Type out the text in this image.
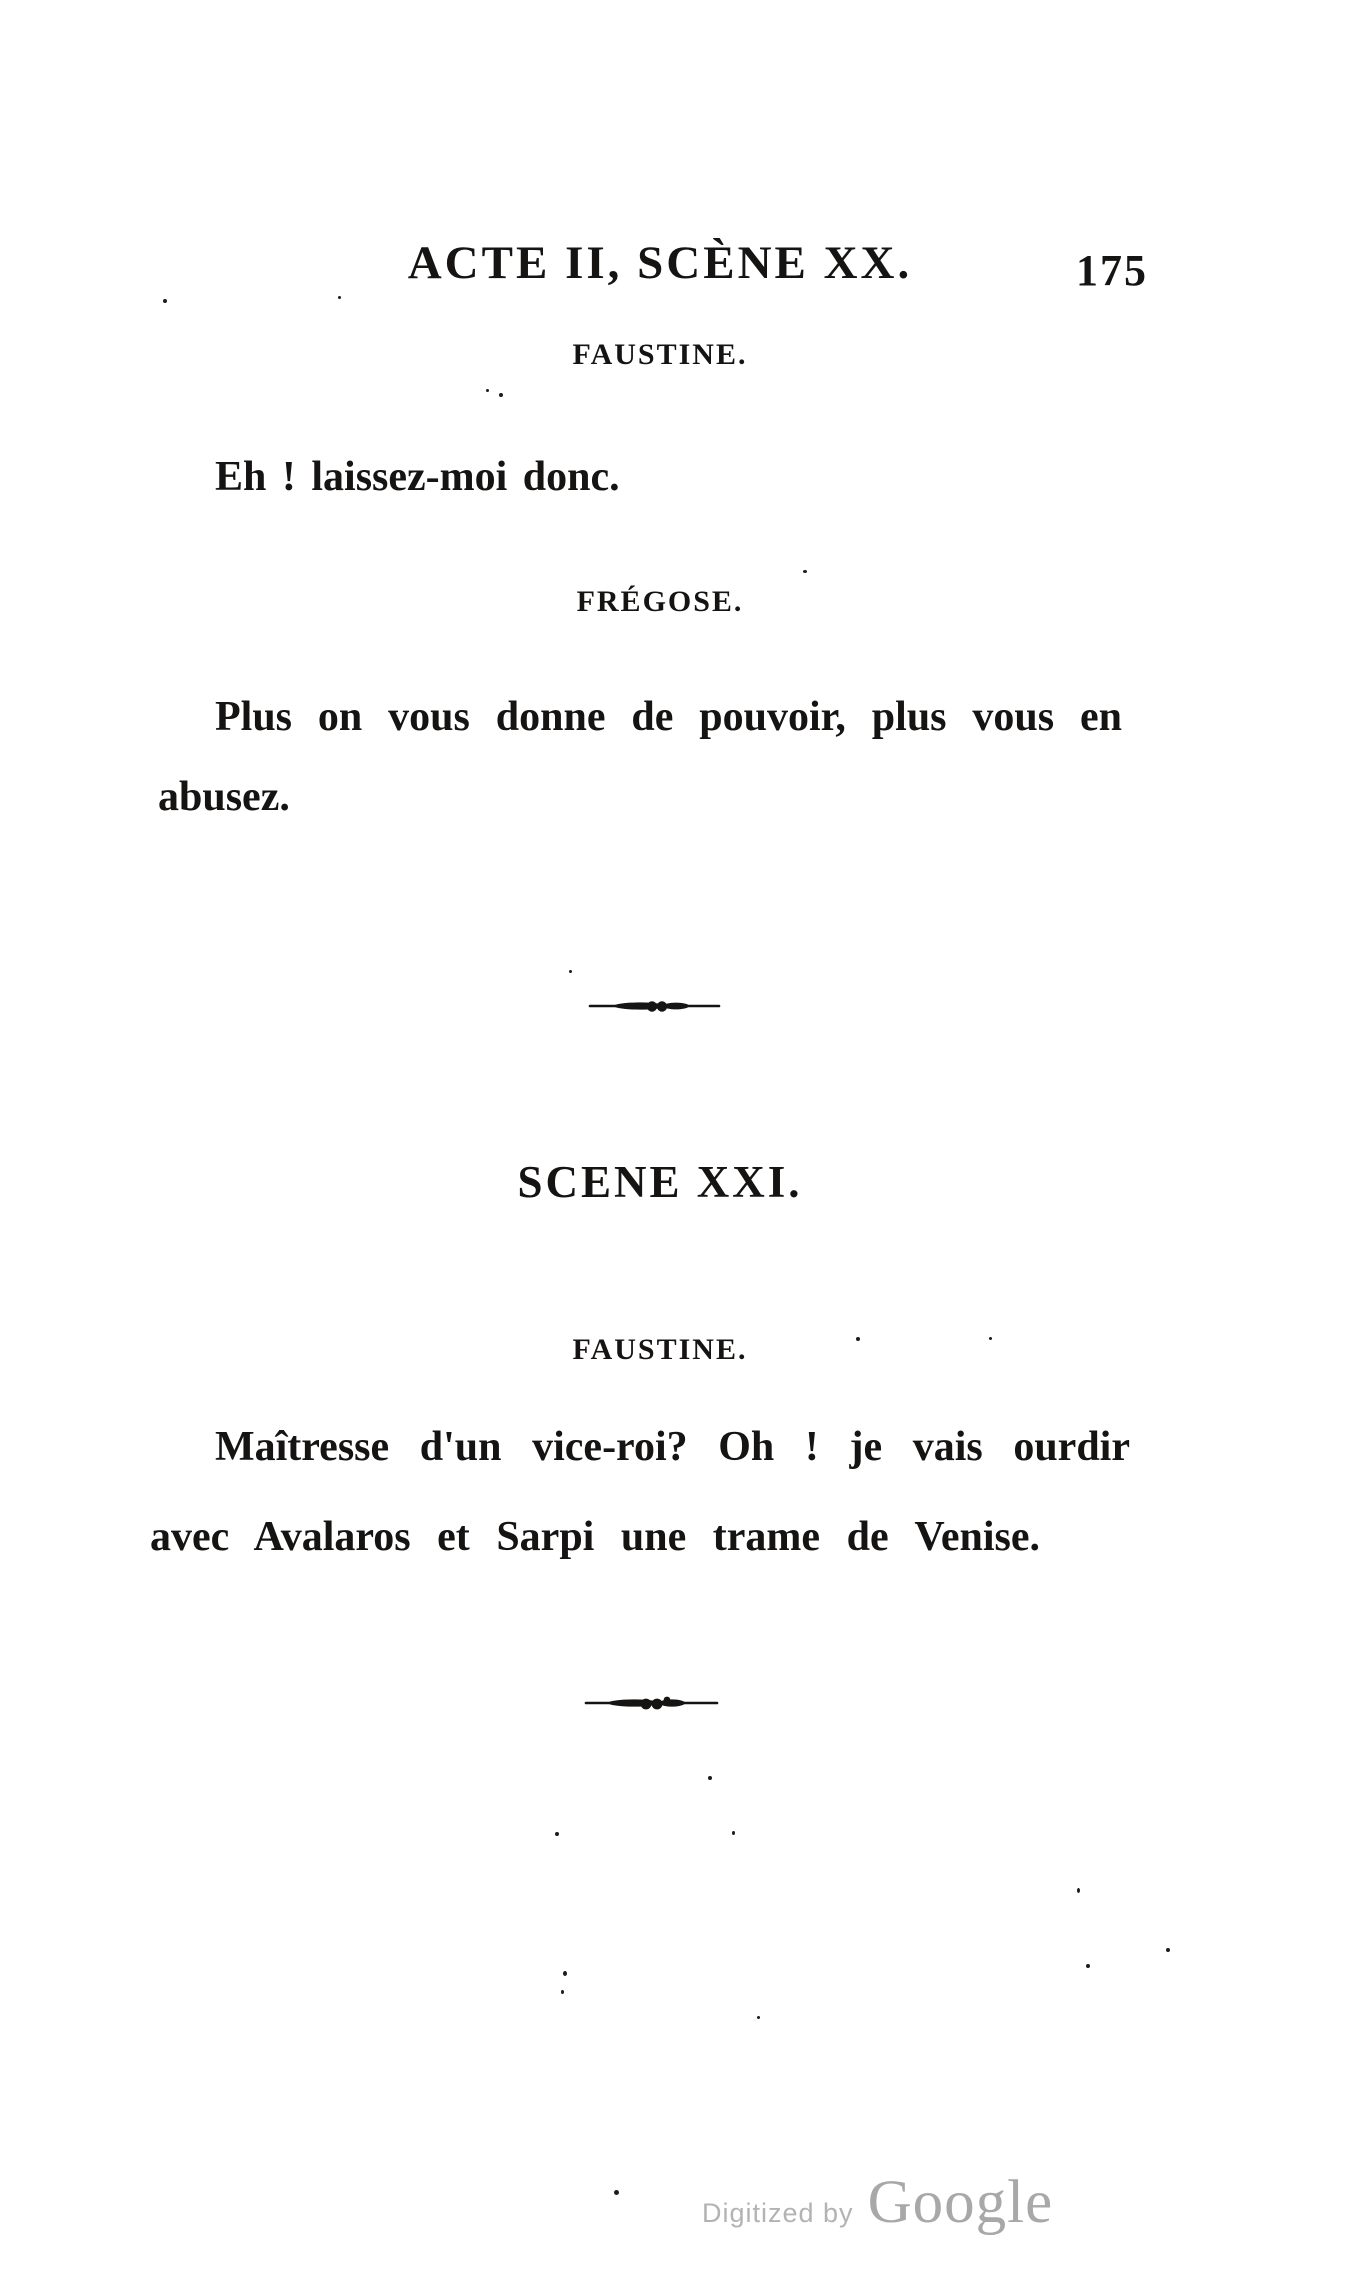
ACTE II, SCÈNE XX.	175
FAUSTINE.
Eh ! laissez-moi donc.
FRÉGOSE.
Plus on vous donne de pouvoir, plus vous en
abusez.
SCENE XXI.
FAUSTINE.
Maîtresse d'un vice-roi? Oh ! je vais ourdir
avec Avalaros et Sarpi une trame de Venise.
Digitized by Google
